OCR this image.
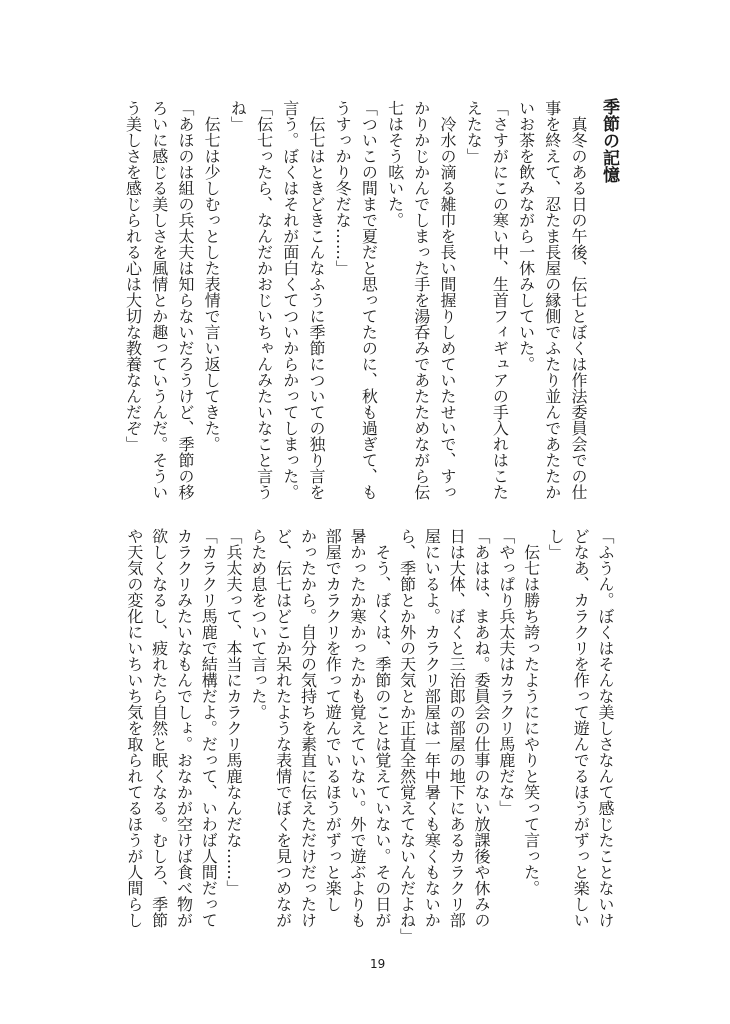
季節の記憶
　真冬のある日の午後、伝七とぼくは作法委員会での仕
事を終えて、忍たま長屋の縁側でふたり並んであたたか
いお茶を飲みながら一休みしていた。
「さすがにこの寒い中、生首フィギュアの手入れはこた
えたな」
　冷水の滴る雑巾を長い間握りしめていたせいで、すっ
かりかじかんでしまった手を湯呑みであたためながら伝
七はそう呟いた。
「ついこの間まで夏だと思ってたのに、秋も過ぎて、も
うすっかり冬だな……」
　伝七はときどきこんなふうに季節についての独り言を
言う。ぼくはそれが面白くてついからかってしまった。
「伝七ったら、なんだかおじいちゃんみたいなこと言う
ね」
　伝七は少しむっとした表情で言い返してきた。
「あほのは組の兵太夫は知らないだろうけど、季節の移
ろいに感じる美しさを風情とか趣っていうんだ。そうい
う美しさを感じられる心は大切な教養なんだぞ」
「ふうん。ぼくはそんな美しさなんて感じたことないけ
どなあ、カラクリを作って遊んでるほうがずっと楽しい
し」
　伝七は勝ち誇ったようににやりと笑って言った。
「やっぱり兵太夫はカラクリ馬鹿だな」
「あはは、まあね。委員会の仕事のない放課後や休みの
日は大体、ぼくと三治郎の部屋の地下にあるカラクリ部
屋にいるよ。カラクリ部屋は一年中暑くも寒くもないか
ら、季節とか外の天気とか正直全然覚えてないんだよね」
　そう、ぼくは、季節のことは覚えていない。その日が
暑かったか寒かったかも覚えていない。外で遊ぶよりも
部屋でカラクリを作って遊んでいるほうがずっと楽し
かったから。自分の気持ちを素直に伝えただけだったけ
ど、伝七はどこか呆れたような表情でぼくを見つめなが
らため息をついて言った。
「兵太夫って、本当にカラクリ馬鹿なんだな……」
「カラクリ馬鹿で結構だよ。だって、いわば人間だって
カラクリみたいなもんでしょ。おなかが空けば食べ物が
欲しくなるし、疲れたら自然と眠くなる。むしろ、季節
や天気の変化にいちいち気を取られてるほうが人間らし
19
